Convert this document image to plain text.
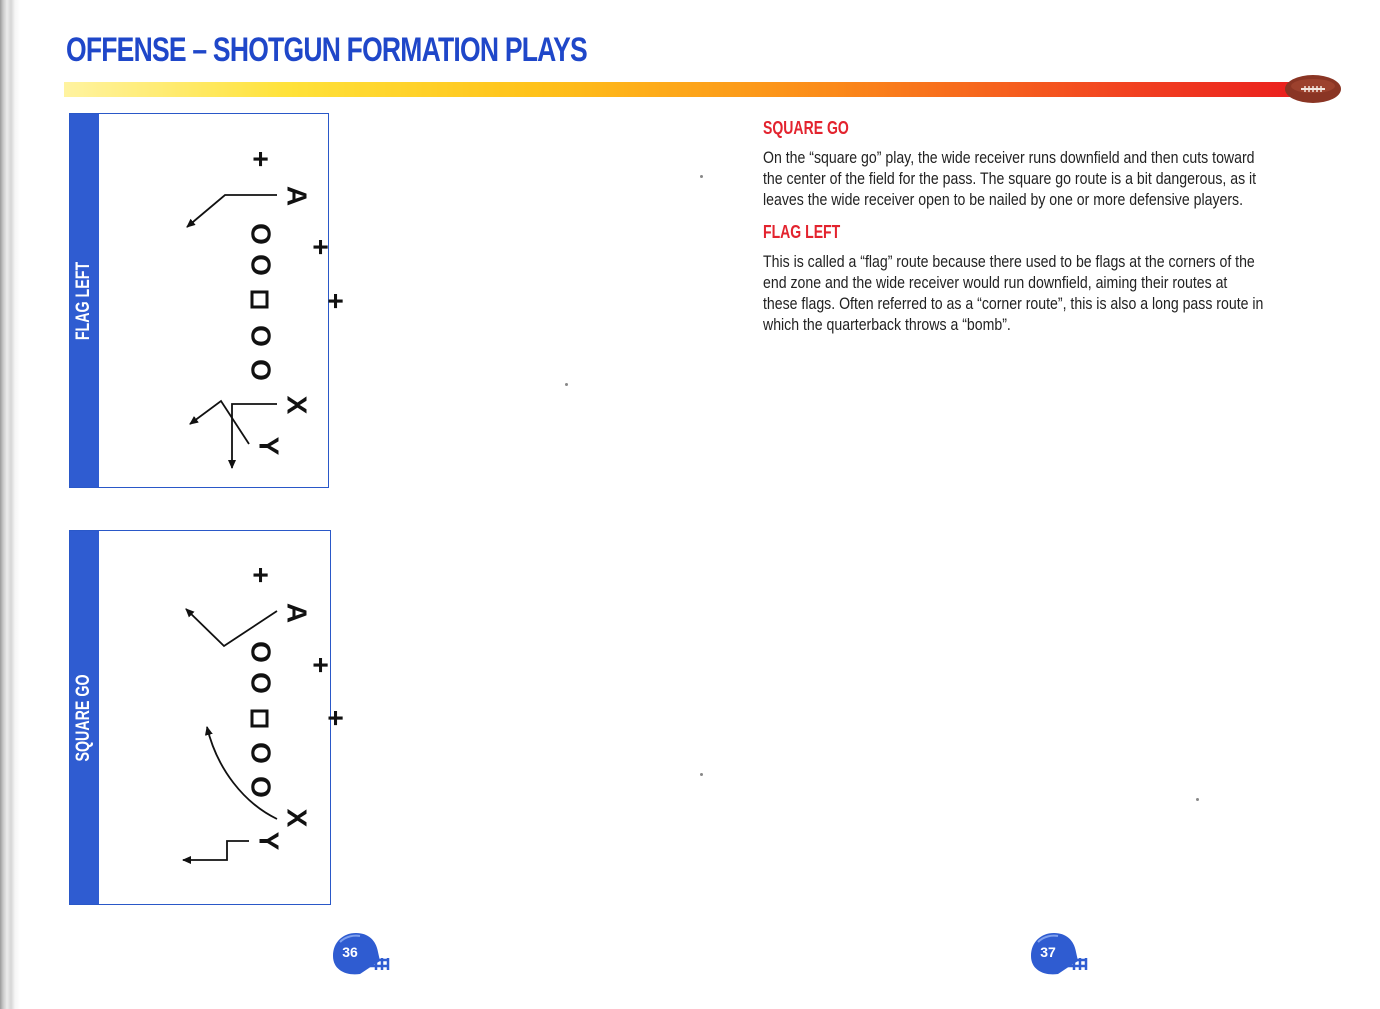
OFFENSE – SHOTGUN FORMATION PLAYS
FLAG LEFT
+
A
O
+
O
+
O
O
X
Y
SQUARE GO
+
A
O
+
O
+
O
O
X
Y
SQUARE GO

On the “square go” play, the wide receiver runs downfield and then cuts toward
the center of the field for the pass. The square go route is a bit dangerous, as it
leaves the wide receiver open to be nailed by one or more defensive players.

FLAG LEFT

This is called a “flag” route because there used to be flags at the corners of the
end zone and the wide receiver would run downfield, aiming their routes at
these flags. Often referred to as a “corner route”, this is also a long pass route in
which the quarterback throws a “bomb”.

36	37
